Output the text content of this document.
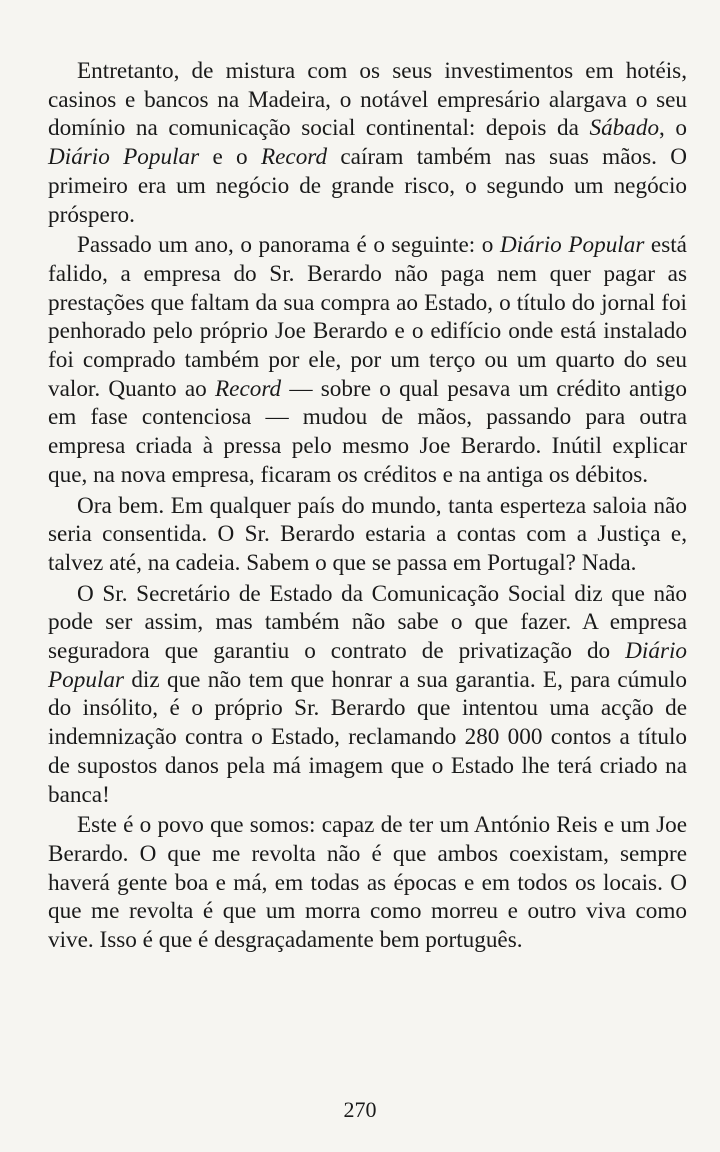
Entretanto, de mistura com os seus investimentos em hotéis, casinos e bancos na Madeira, o notável empresário alargava o seu domínio na comunicação social continental: depois da Sábado, o Diário Popular e o Record caíram também nas suas mãos. O primeiro era um negócio de grande risco, o segundo um negócio próspero.

Passado um ano, o panorama é o seguinte: o Diário Popular está falido, a empresa do Sr. Berardo não paga nem quer pagar as prestações que faltam da sua compra ao Estado, o título do jornal foi penhorado pelo próprio Joe Berardo e o edifício onde está instalado foi comprado também por ele, por um terço ou um quarto do seu valor. Quanto ao Record — sobre o qual pesava um crédito antigo em fase contenciosa — mudou de mãos, passando para outra empresa criada à pressa pelo mesmo Joe Berardo. Inútil explicar que, na nova empresa, ficaram os créditos e na antiga os débitos.

Ora bem. Em qualquer país do mundo, tanta esperteza saloia não seria consentida. O Sr. Berardo estaria a contas com a Justiça e, talvez até, na cadeia. Sabem o que se passa em Portugal? Nada.

O Sr. Secretário de Estado da Comunicação Social diz que não pode ser assim, mas também não sabe o que fazer. A empresa seguradora que garantiu o contrato de privatização do Diário Popular diz que não tem que honrar a sua garantia. E, para cúmulo do insólito, é o próprio Sr. Berardo que intentou uma acção de indemnização contra o Estado, reclamando 280 000 contos a título de supostos danos pela má imagem que o Estado lhe terá criado na banca!

Este é o povo que somos: capaz de ter um António Reis e um Joe Berardo. O que me revolta não é que ambos coexistam, sempre haverá gente boa e má, em todas as épocas e em todos os locais. O que me revolta é que um morra como morreu e outro viva como vive. Isso é que é desgraçadamente bem português.

270
